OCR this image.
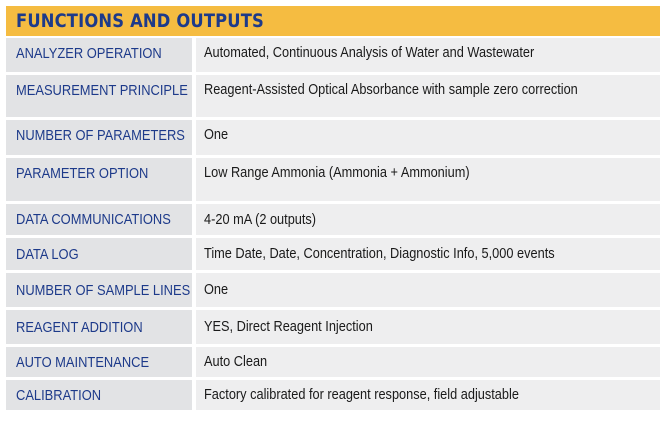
FUNCTIONS AND OUTPUTS
ANALYZER OPERATION	Automated, Continuous Analysis of Water and Wastewater
MEASUREMENT PRINCIPLE Reagent-Assisted Optical Absorbance with sample zero correction
NUMBER OF PARAMETERS One
PARAMETER OPTION	Low Range Ammonia (Ammonia + Ammonium)
DATA COMMUNICATIONS 4-20 mA (2 outputs)
DATA LOG	Time Date, Date, Concentration, Diagnostic Info, 5,000 events
NUMBER OF SAMPLE LINES One
REAGENT ADDITION	YES, Direct Reagent Injection
AUTO MAINTENANCE	Auto Clean
CALIBRATION	Factory calibrated for reagent response, field adjustable
